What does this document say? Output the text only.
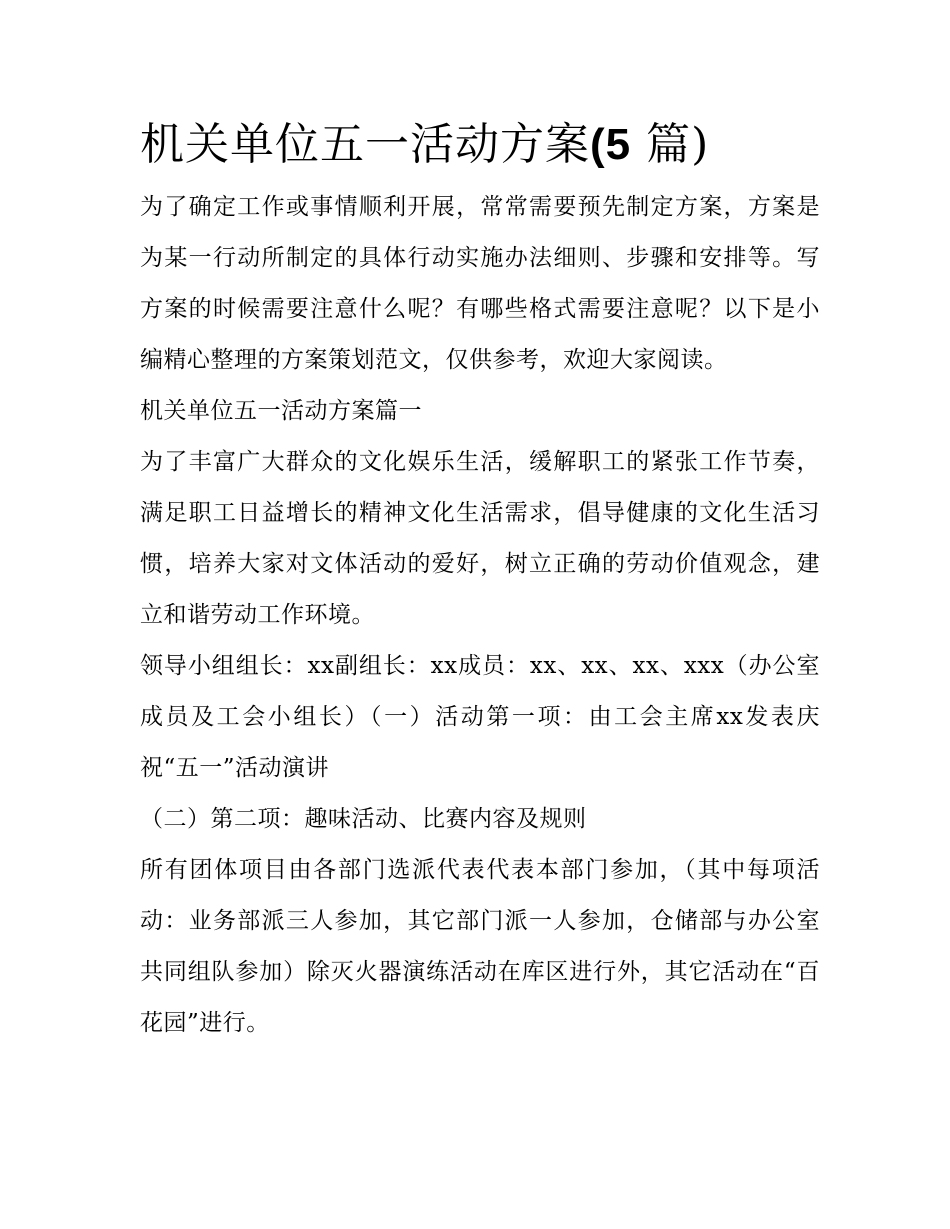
机关单位五一活动方案(5 篇)

为了确定工作或事情顺利开展，常常需要预先制定方案，方案是为某一行动所制定的具体行动实施办法细则、步骤和安排等。写方案的时候需要注意什么呢？有哪些格式需要注意呢？以下是小编精心整理的方案策划范文，仅供参考，欢迎大家阅读。

机关单位五一活动方案篇一

为了丰富广大群众的文化娱乐生活，缓解职工的紧张工作节奏，满足职工日益增长的精神文化生活需求，倡导健康的文化生活习惯，培养大家对文体活动的爱好，树立正确的劳动价值观念，建立和谐劳动工作环境。

领导小组组长：xx副组长：xx成员：xx、xx、xx、xxx（办公室成员及工会小组长）（一）活动第一项：由工会主席xx发表庆祝“五一”活动演讲

（二）第二项：趣味活动、比赛内容及规则

所有团体项目由各部门选派代表代表本部门参加，（其中每项活动：业务部派三人参加，其它部门派一人参加，仓储部与办公室共同组队参加）除灭火器演练活动在库区进行外，其它活动在“百花园”进行。
